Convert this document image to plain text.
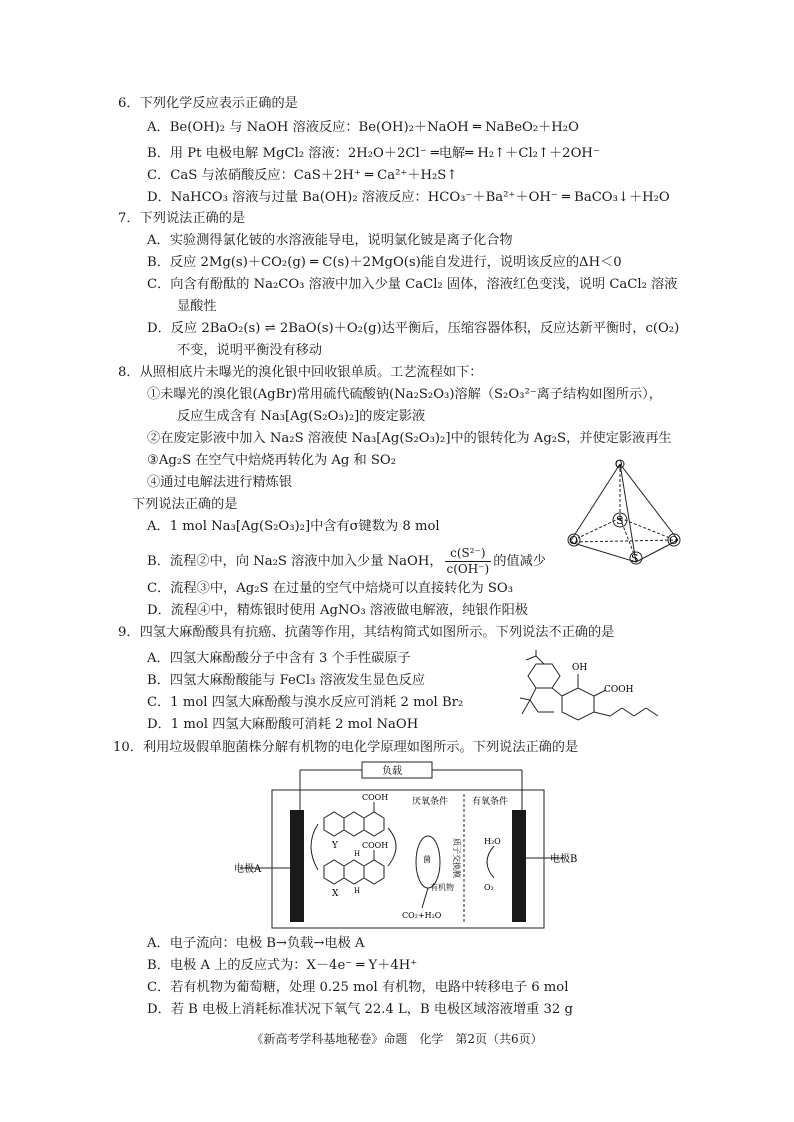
6．下列化学反应表示正确的是
A．Be(OH)₂ 与 NaOH 溶液反应：Be(OH)₂＋NaOH ═ NaBeO₂＋H₂O
B．用 Pt 电极电解 MgCl₂ 溶液：2H₂O＋2Cl⁻ ═电解═ H₂↑＋Cl₂↑＋2OH⁻
C．CaS 与浓硝酸反应：CaS＋2H⁺ ═ Ca²⁺＋H₂S↑
D．NaHCO₃ 溶液与过量 Ba(OH)₂ 溶液反应：HCO₃⁻＋Ba²⁺＋OH⁻ ═ BaCO₃↓＋H₂O
7．下列说法正确的是
A．实验测得氯化铍的水溶液能导电，说明氯化铍是离子化合物
B．反应 2Mg(s)＋CO₂(g) ═ C(s)＋2MgO(s)能自发进行，说明该反应的ΔH＜0
C．向含有酚酞的 Na₂CO₃ 溶液中加入少量 CaCl₂ 固体，溶液红色变浅，说明 CaCl₂ 溶液
显酸性
D．反应 2BaO₂(s) ⇌ 2BaO(s)＋O₂(g)达平衡后，压缩容器体积，反应达新平衡时，c(O₂)
不变，说明平衡没有移动
8．从照相底片未曝光的溴化银中回收银单质。工艺流程如下：
①未曝光的溴化银(AgBr)常用硫代硫酸钠(Na₂S₂O₃)溶解（S₂O₃²⁻离子结构如图所示），
反应生成含有 Na₃[Ag(S₂O₃)₂]的废定影液
②在废定影液中加入 Na₂S 溶液使 Na₃[Ag(S₂O₃)₂]中的银转化为 Ag₂S，并使定影液再生
③Ag₂S 在空气中焙烧再转化为 Ag 和 SO₂
④通过电解法进行精炼银
下列说法正确的是
A．1 mol Na₃[Ag(S₂O₃)₂]中含有σ键数为 8 mol
B．流程②中，向 Na₂S 溶液中加入少量 NaOH， $\frac{\text{c(S²⁻)}}{c(OH^-)}$ 的值减少
C．流程③中，Ag₂S 在过量的空气中焙烧可以直接转化为 SO₃
D．流程④中，精炼银时使用 AgNO₃ 溶液做电解液，纯银作阳极
O
S
O
S
O
9．四氢大麻酚酸具有抗癌、抗菌等作用，其结构简式如图所示。下列说法不正确的是
A．四氢大麻酚酸分子中含有 3 个手性碳原子
B．四氢大麻酚酸能与 FeCl₃ 溶液发生显色反应
C．1 mol 四氢大麻酚酸与溴水反应可消耗 2 mol Br₂
D．1 mol 四氢大麻酚酸可消耗 2 mol NaOH
OH
COOH
10．利用垃圾假单胞菌株分解有机物的电化学原理如图所示。下列说法正确的是
负载
电极A
电极B
厌氧条件	有氧条件
质子交换膜
有机物
菌
COOH
COOH
H
H
Y
X
CO₂+H₂O
H₂O
O₂
A．电子流向：电极 B→负载→电极 A
B．电极 A 上的反应式为：X－4e⁻ ═ Y＋4H⁺
C．若有机物为葡萄糖，处理 0.25 mol 有机物，电路中转移电子 6 mol
D．若 B 电极上消耗标准状况下氧气 22.4 L，B 电极区域溶液增重 32 g
《新高考学科基地秘卷》命题　化学　第2页（共6页）
